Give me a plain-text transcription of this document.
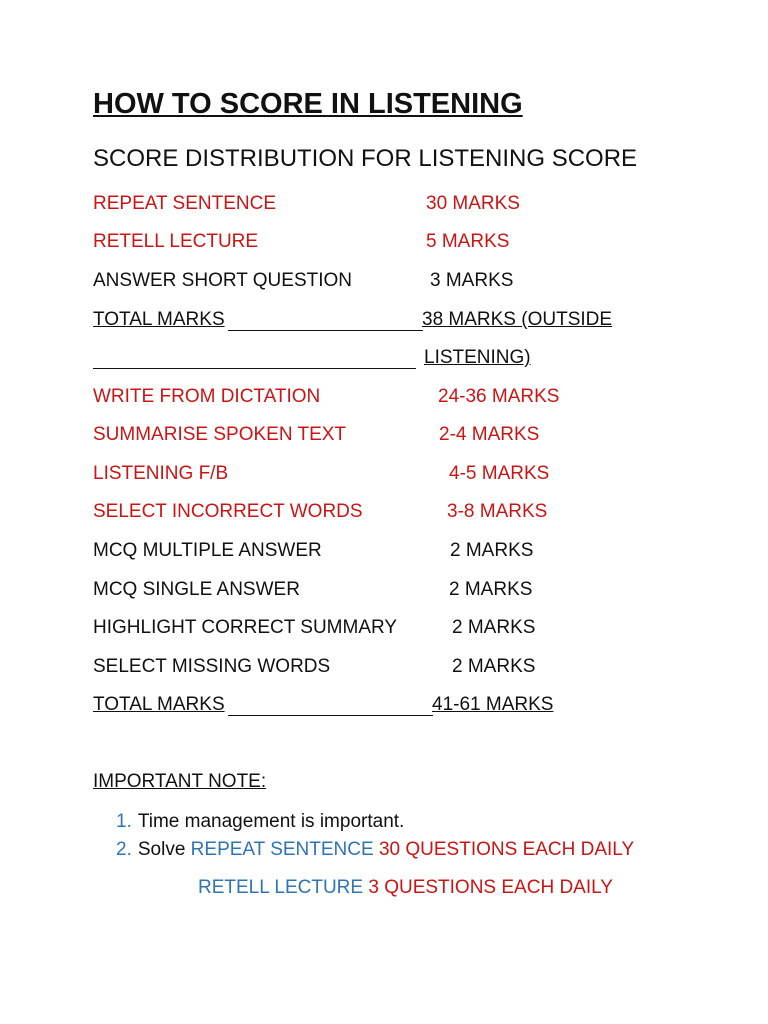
HOW TO SCORE IN LISTENING
SCORE DISTRIBUTION FOR LISTENING SCORE
REPEAT SENTENCE	30 MARKS
RETELL LECTURE	5 MARKS
ANSWER SHORT QUESTION	3 MARKS
TOTAL MARKS	38 MARKS (OUTSIDE
LISTENING)
WRITE FROM DICTATION	24-36 MARKS
SUMMARISE SPOKEN TEXT	2-4 MARKS
LISTENING F/B	4-5 MARKS
SELECT INCORRECT WORDS	3-8 MARKS
MCQ MULTIPLE ANSWER	2 MARKS
MCQ SINGLE ANSWER	2 MARKS
HIGHLIGHT CORRECT SUMMARY	2 MARKS
SELECT MISSING WORDS	2 MARKS
TOTAL MARKS	41-61 MARKS
IMPORTANT NOTE:
1. Time management is important.
2. Solve REPEAT SENTENCE 30 QUESTIONS EACH DAILY
RETELL LECTURE 3 QUESTIONS EACH DAILY
